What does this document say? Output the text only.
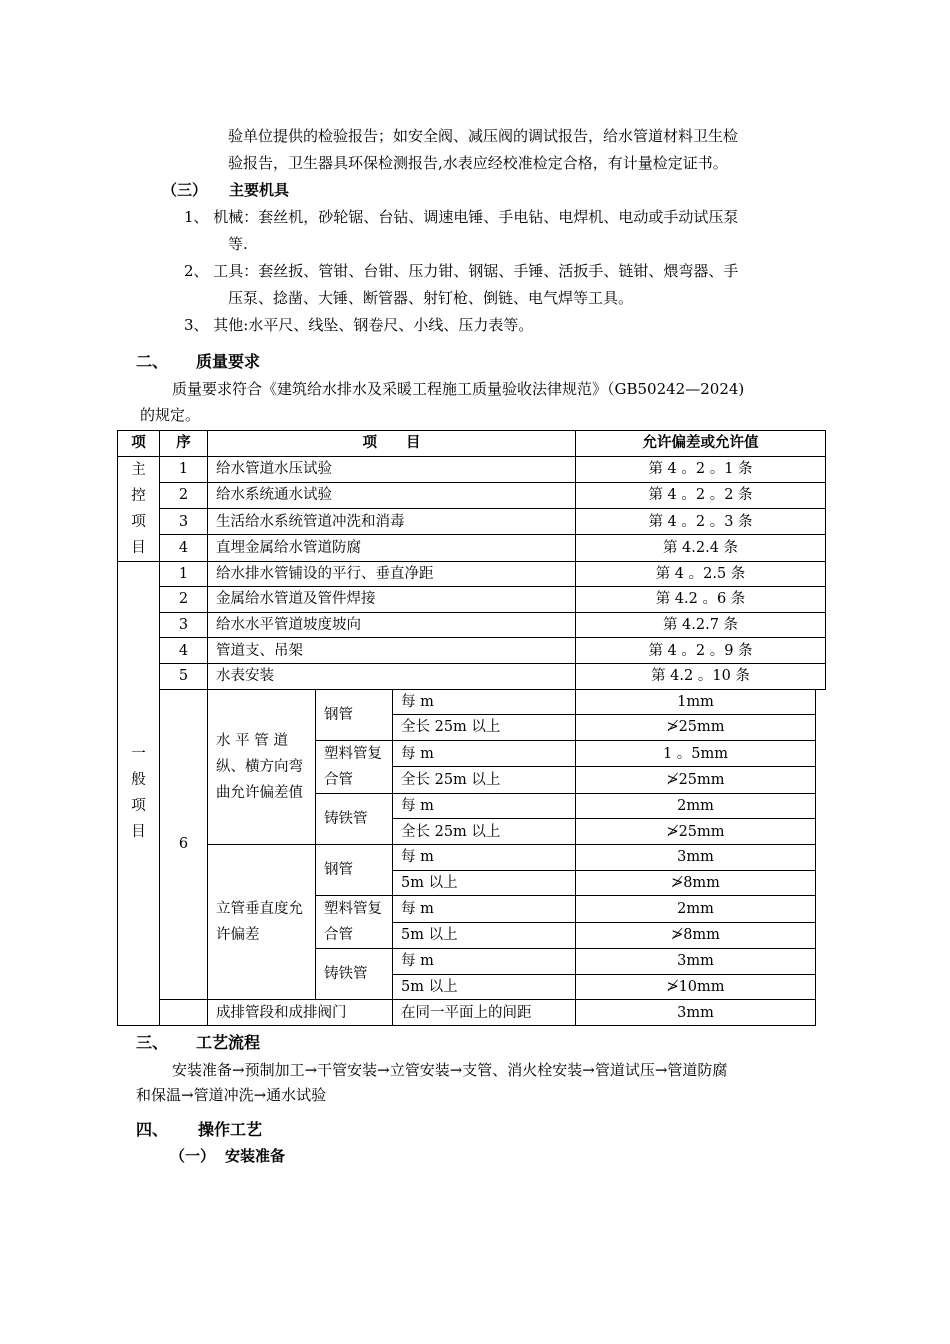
验单位提供的检验报告；如安全阀、减压阀的调试报告，给水管道材料卫生检
验报告，卫生器具环保检测报告,水表应经校准检定合格，有计量检定证书。
（三） 主要机具
1、 机械：套丝机，砂轮锯、台钻、调速电锤、手电钻、电焊机、电动或手动试压泵
等.
2、 工具：套丝扳、管钳、台钳、压力钳、钢锯、手锤、活扳手、链钳、煨弯器、手
压泵、捻凿、大锤、断管器、射钉枪、倒链、电气焊等工具。
3、 其他:水平尺、线坠、钢卷尺、小线、压力表等。
二、 质量要求
质量要求符合《建筑给水排水及采暖工程施工质量验收法律规范》（GB50242—2024)
的规定。
项	序	项　　目			允许偏差或允许值	
主控项目	1	给水管道水压试验			第 4 。2 。1 条	
	2	给水系统通水试验			第 4 。2 。2 条	
	3	生活给水系统管道冲洗和消毒			第 4 。2 。3 条	
	4	直埋金属给水管道防腐			第 4.2.4 条	
一般项目	1	给水排水管铺设的平行、垂直净距			第 4 。2.5 条	
	2	金属给水管道及管件焊接			第 4.2 。6 条	
	3	给水水平管道坡度坡向			第 4.2.7 条	
	4	管道支、吊架			第 4 。2 。9 条	
	5	水表安装			第 4.2 。10 条	
	6	水 平 管 道纵、横方向弯曲允许偏差值	钢管	每 m	1mm	
				全长 25m 以上	≯25mm	
			塑料管复合管	每 m	1 。5mm	
				全长 25m 以上	≯25mm	
			铸铁管	每 m	2mm	
				全长 25m 以上	≯25mm	
		立管垂直度允许偏差	钢管	每 m	3mm	
				5m 以上	≯8mm	
			塑料管复合管	每 m	2mm	
				5m 以上	≯8mm	
			铸铁管	每 m	3mm	
				5m 以上	≯10mm	
		成排管段和成排阀门		在同一平面上的间距	3mm	
三、 工艺流程
安装准备→预制加工→干管安装→立管安装→支管、消火栓安装→管道试压→管道防腐
和保温→管道冲洗→通水试验
四、 操作工艺
（一） 安装准备
